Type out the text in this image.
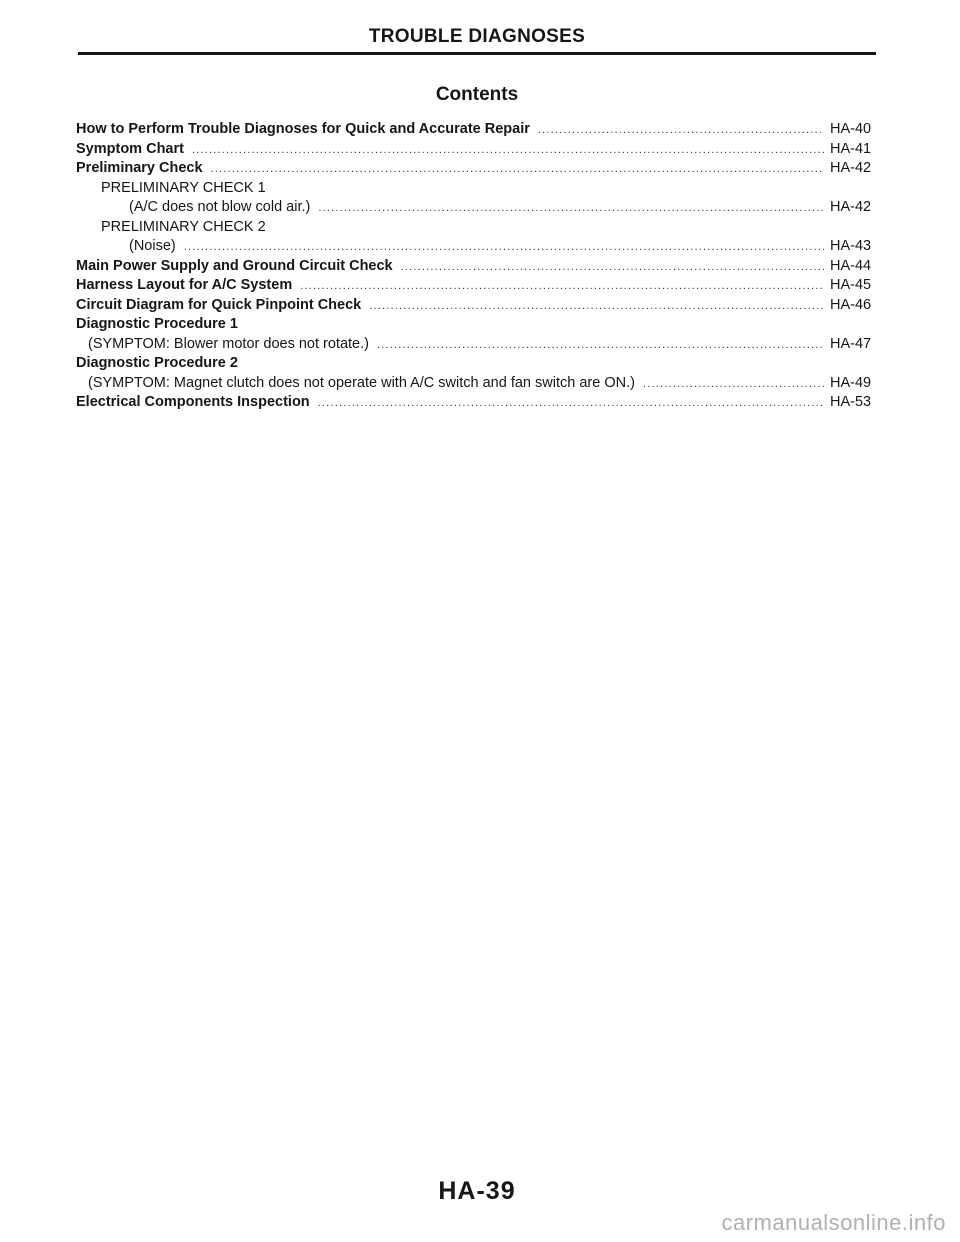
TROUBLE DIAGNOSES
Contents
How to Perform Trouble Diagnoses for Quick and Accurate Repair .....	HA-40
Symptom Chart .....	HA-41
Preliminary Check .....	HA-42
PRELIMINARY CHECK 1
(A/C does not blow cold air.) .....	HA-42
PRELIMINARY CHECK 2
(Noise) .....	HA-43
Main Power Supply and Ground Circuit Check .....	HA-44
Harness Layout for A/C System .....	HA-45
Circuit Diagram for Quick Pinpoint Check .....	HA-46
Diagnostic Procedure 1
(SYMPTOM: Blower motor does not rotate.) .....	HA-47
Diagnostic Procedure 2
(SYMPTOM: Magnet clutch does not operate with A/C switch and fan switch are ON.) .....	HA-49
Electrical Components Inspection .....	HA-53
HA-39
carmanualsonline.info
